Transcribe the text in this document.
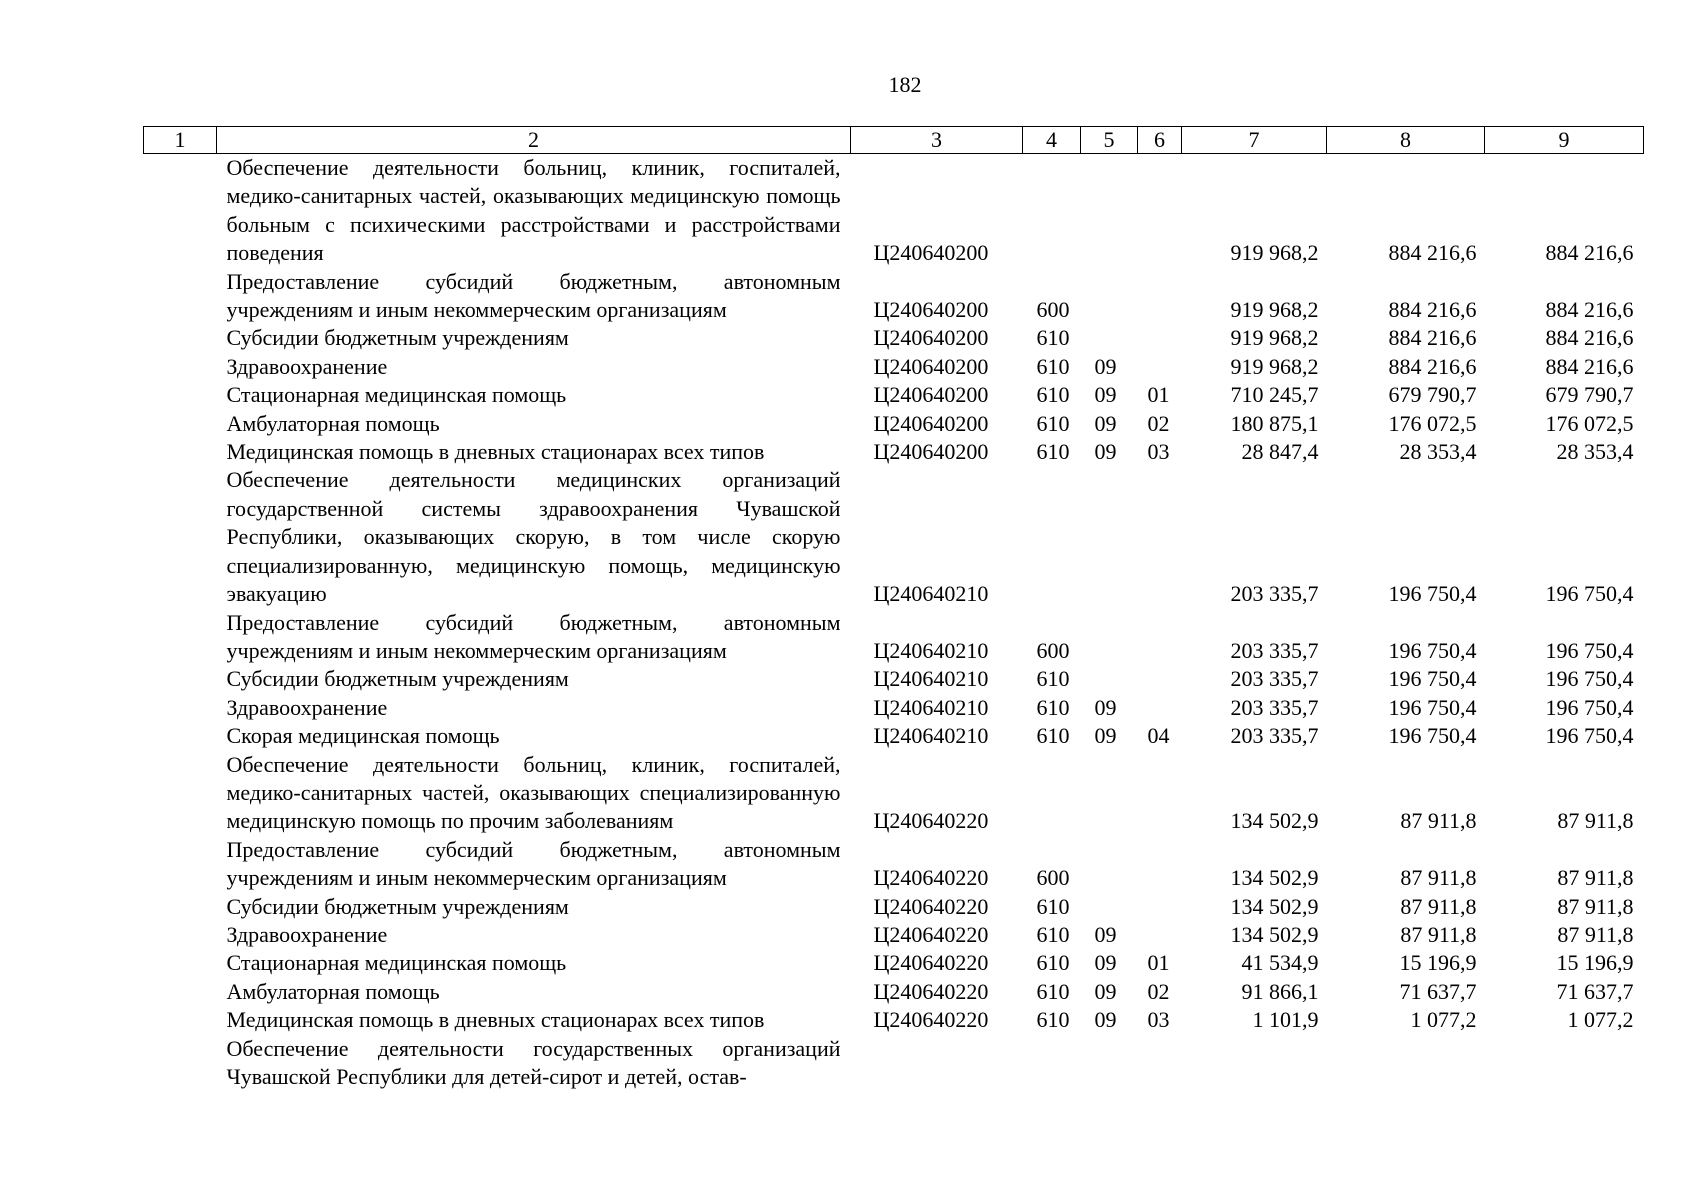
182
1	2	3	4	5	6	7	8	9
	Обеспечение деятельности больниц, клиник, госпиталей, медико-санитарных частей, оказывающих медицинскую помощь больным с психическими расстройствами и расстройствами поведения	Ц240640200				919 968,2	884 216,6	884 216,6
	Предоставление субсидий бюджетным, автономным учреждениям и иным некоммерческим организациям	Ц240640200	600			919 968,2	884 216,6	884 216,6
	Субсидии бюджетным учреждениям	Ц240640200	610			919 968,2	884 216,6	884 216,6
	Здравоохранение	Ц240640200	610	09		919 968,2	884 216,6	884 216,6
	Стационарная медицинская помощь	Ц240640200	610	09	01	710 245,7	679 790,7	679 790,7
	Амбулаторная помощь	Ц240640200	610	09	02	180 875,1	176 072,5	176 072,5
	Медицинская помощь в дневных стационарах всех типов	Ц240640200	610	09	03	28 847,4	28 353,4	28 353,4
	Обеспечение деятельности медицинских организаций государственной системы здравоохранения Чувашской Республики, оказывающих скорую, в том числе скорую специализированную, медицинскую помощь, медицинскую эвакуацию	Ц240640210				203 335,7	196 750,4	196 750,4
	Предоставление субсидий бюджетным, автономным учреждениям и иным некоммерческим организациям	Ц240640210	600			203 335,7	196 750,4	196 750,4
	Субсидии бюджетным учреждениям	Ц240640210	610			203 335,7	196 750,4	196 750,4
	Здравоохранение	Ц240640210	610	09		203 335,7	196 750,4	196 750,4
	Скорая медицинская помощь	Ц240640210	610	09	04	203 335,7	196 750,4	196 750,4
	Обеспечение деятельности больниц, клиник, госпиталей, медико-санитарных частей, оказывающих специализированную медицинскую помощь по прочим заболеваниям	Ц240640220				134 502,9	87 911,8	87 911,8
	Предоставление субсидий бюджетным, автономным учреждениям и иным некоммерческим организациям	Ц240640220	600			134 502,9	87 911,8	87 911,8
	Субсидии бюджетным учреждениям	Ц240640220	610			134 502,9	87 911,8	87 911,8
	Здравоохранение	Ц240640220	610	09		134 502,9	87 911,8	87 911,8
	Стационарная медицинская помощь	Ц240640220	610	09	01	41 534,9	15 196,9	15 196,9
	Амбулаторная помощь	Ц240640220	610	09	02	91 866,1	71 637,7	71 637,7
	Медицинская помощь в дневных стационарах всех типов	Ц240640220	610	09	03	1 101,9	1 077,2	1 077,2
	Обеспечение деятельности государственных организаций Чувашской Республики для детей-сирот и детей, остав-							
